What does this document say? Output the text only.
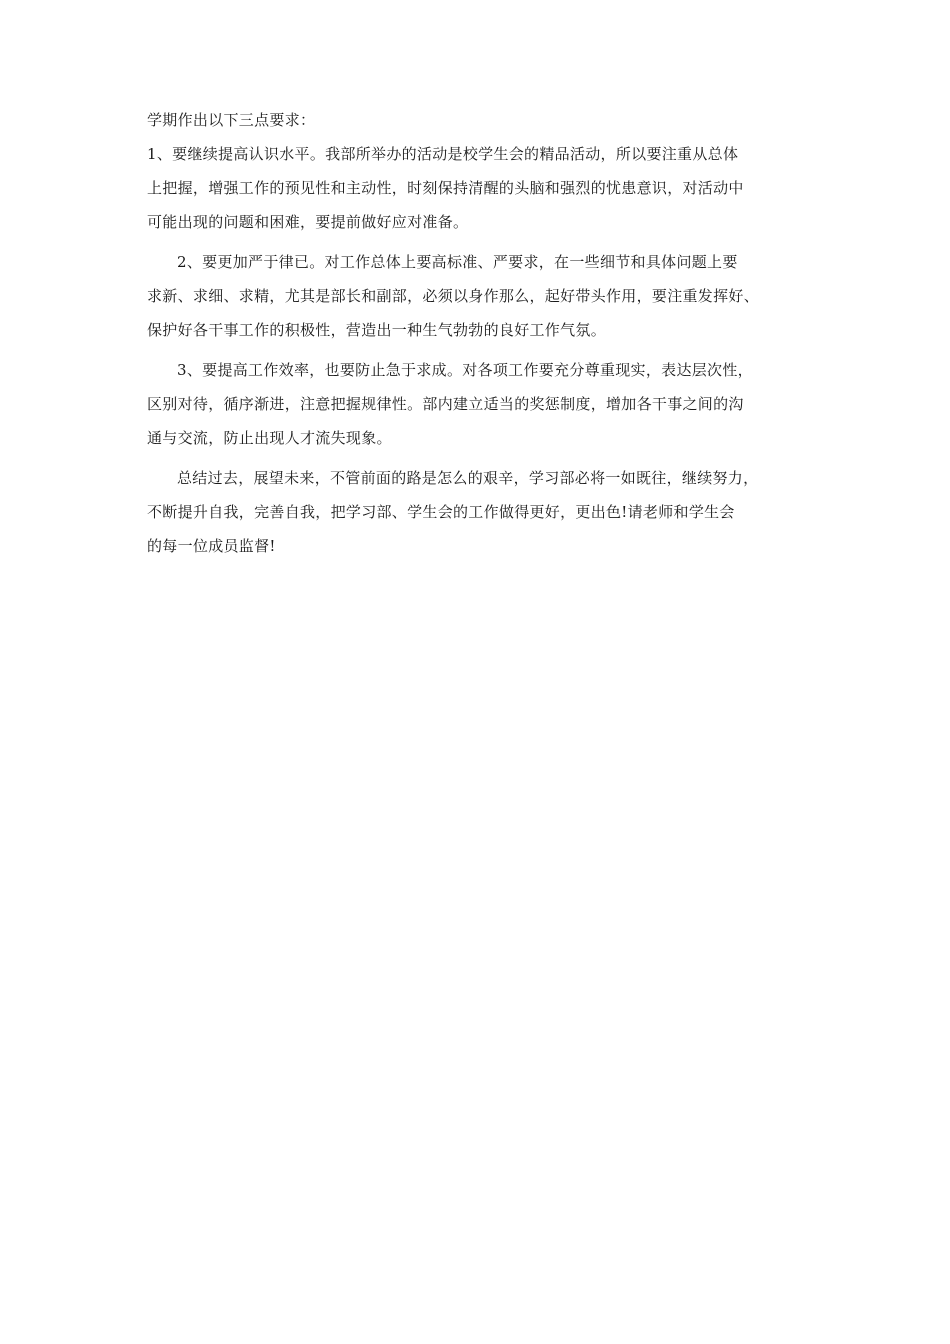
学期作出以下三点要求：

1、要继续提高认识水平。我部所举办的活动是校学生会的精品活动，所以要注重从总体
上把握，增强工作的预见性和主动性，时刻保持清醒的头脑和强烈的忧患意识，对活动中
可能出现的问题和困难，要提前做好应对准备。

2、要更加严于律已。对工作总体上要高标准、严要求，在一些细节和具体问题上要
求新、求细、求精，尤其是部长和副部，必须以身作那么，起好带头作用，要注重发挥好、
保护好各干事工作的积极性，营造出一种生气勃勃的良好工作气氛。

3、要提高工作效率，也要防止急于求成。对各项工作要充分尊重现实，表达层次性，
区别对待，循序渐进，注意把握规律性。部内建立适当的奖惩制度，增加各干事之间的沟
通与交流，防止出现人才流失现象。

总结过去，展望未来，不管前面的路是怎么的艰辛，学习部必将一如既往，继续努力，
不断提升自我，完善自我，把学习部、学生会的工作做得更好，更出色!请老师和学生会
的每一位成员监督!
